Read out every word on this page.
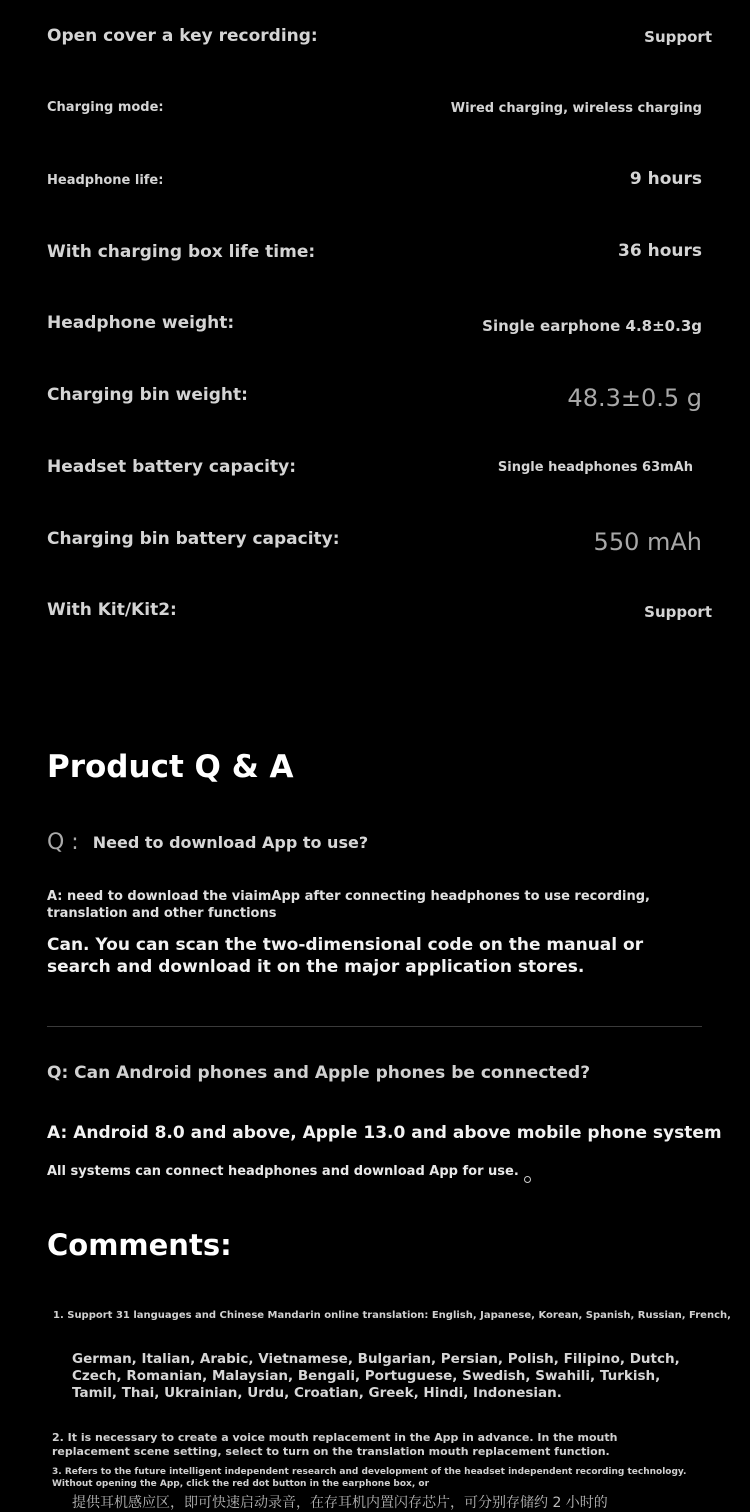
Open cover a key recording:	Support
Charging mode:	Wired charging, wireless charging
Headphone life:	9 hours
With charging box life time:	36 hours
Headphone weight:	Single earphone 4.8±0.3g
Charging bin weight:	48.3±0.5 g
Headset battery capacity:	Single headphones 63mAh
Charging bin battery capacity:	550 mAh
With Kit/Kit2:	Support
Product Q & A
Q : Need to download App to use?

A: need to download the viaimApp after connecting headphones to use recording, translation and other functions

Can. You can scan the two-dimensional code on the manual or search and download it on the major application stores.

Q: Can Android phones and Apple phones be connected?

A: Android 8.0 and above, Apple 13.0 and above mobile phone system

All systems can connect headphones and download App for use.

Comments:

1. Support 31 languages and Chinese Mandarin online translation: English, Japanese, Korean, Spanish, Russian, French,

German, Italian, Arabic, Vietnamese, Bulgarian, Persian, Polish, Filipino, Dutch, Czech, Romanian, Malaysian, Bengali, Portuguese, Swedish, Swahili, Turkish, Tamil, Thai, Ukrainian, Urdu, Croatian, Greek, Hindi, Indonesian.

2. It is necessary to create a voice mouth replacement in the App in advance. In the mouth replacement scene setting, select to turn on the translation mouth replacement function.

3. Refers to the future intelligent independent research and development of the headset independent recording technology. Without opening the App, click the red dot button in the earphone box, or

提供耳机感应区，即可快速启动录音，在存耳机内置闪存芯片，可分别存储约 2 小时的
